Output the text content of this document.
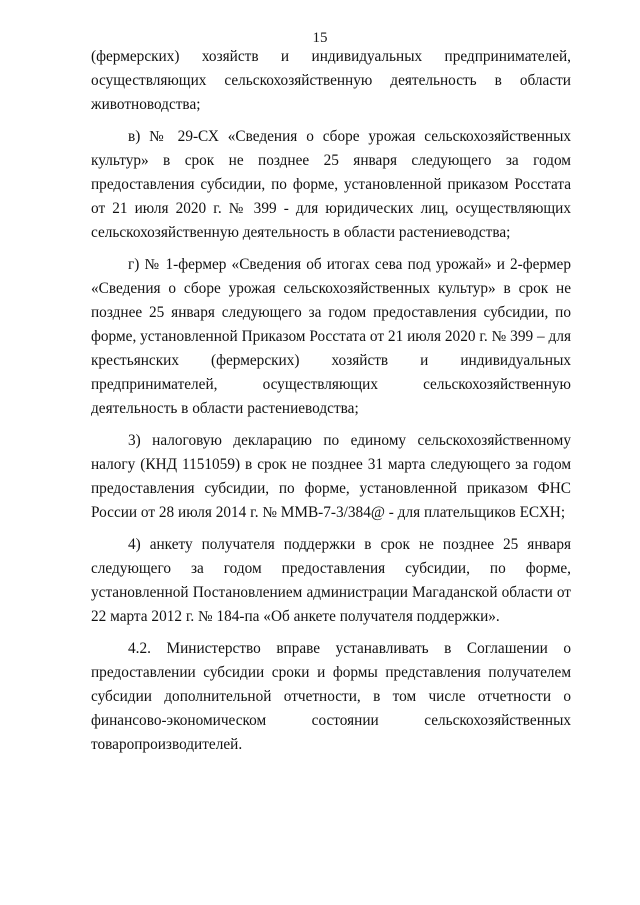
15

(фермерских) хозяйств и индивидуальных предпринимателей, осуществляющих сельскохозяйственную деятельность в области животноводства;

в) № 29-СХ «Сведения о сборе урожая сельскохозяйственных культур» в срок не позднее 25 января следующего за годом предоставления субсидии, по форме, установленной приказом Росстата от 21 июля 2020 г. № 399 - для юридических лиц, осуществляющих сельскохозяйственную деятельность в области растениеводства;

г) № 1-фермер «Сведения об итогах сева под урожай» и 2-фермер «Сведения о сборе урожая сельскохозяйственных культур» в срок не позднее 25 января следующего за годом предоставления субсидии, по форме, установленной Приказом Росстата от 21 июля 2020 г. № 399 – для крестьянских (фермерских) хозяйств и индивидуальных предпринимателей, осуществляющих сельскохозяйственную деятельность в области растениеводства;

3) налоговую декларацию по единому сельскохозяйственному налогу (КНД 1151059) в срок не позднее 31 марта следующего за годом предоставления субсидии, по форме, установленной приказом ФНС России от 28 июля 2014 г. № ММВ-7-3/384@ - для плательщиков ЕСХН;

4) анкету получателя поддержки в срок не позднее 25 января следующего за годом предоставления субсидии, по форме, установленной Постановлением администрации Магаданской области от 22 марта 2012 г. № 184-па «Об анкете получателя поддержки».

4.2. Министерство вправе устанавливать в Соглашении о предоставлении субсидии сроки и формы представления получателем субсидии дополнительной отчетности, в том числе отчетности о финансово-экономическом состоянии сельскохозяйственных товаропроизводителей.
